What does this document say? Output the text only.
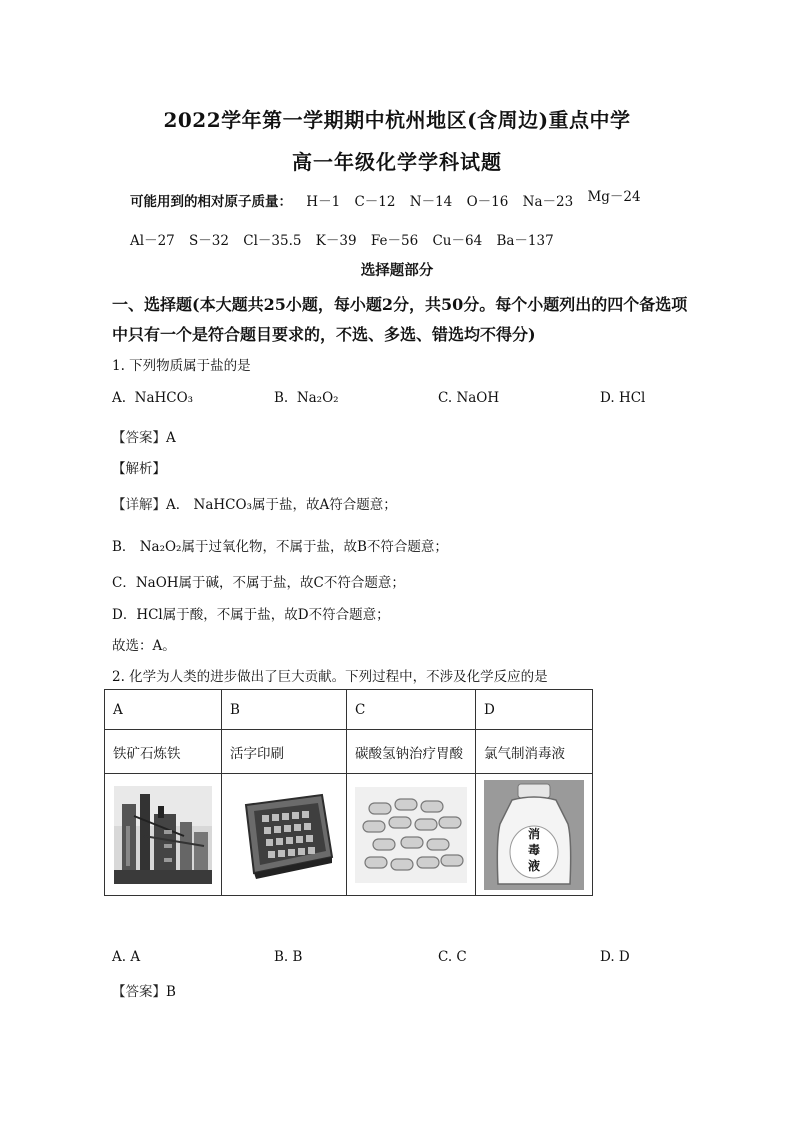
2022学年第一学期期中杭州地区(含周边)重点中学
高一年级化学学科试题
可能用到的相对原子质量： H－1 C－12 N－14 O－16 Na－23 Mg－24
Al－27 S－32 Cl－35.5 K－39 Fe－56 Cu－64 Ba－137
选择题部分
一、选择题(本大题共25小题，每小题2分，共50分。每个小题列出的四个备选项中只有一个是符合题目要求的，不选、多选、错选均不得分)
1. 下列物质属于盐的是
A. NaHCO₃	B. Na₂O₂	C. NaOH	D. HCl
【答案】A
【解析】
【详解】A． NaHCO₃属于盐，故A符合题意；
B． Na₂O₂属于过氧化物，不属于盐，故B不符合题意；
C．NaOH属于碱，不属于盐，故C不符合题意；
D．HCl属于酸，不属于盐，故D不符合题意；
故选：A。
2. 化学为人类的进步做出了巨大贡献。下列过程中，不涉及化学反应的是
A	B	C	D
铁矿石炼铁	活字印刷	碳酸氢钠治疗胃酸	氯气制消毒液

消
毒
液
A. A	B. B	C. C	D. D
【答案】B
